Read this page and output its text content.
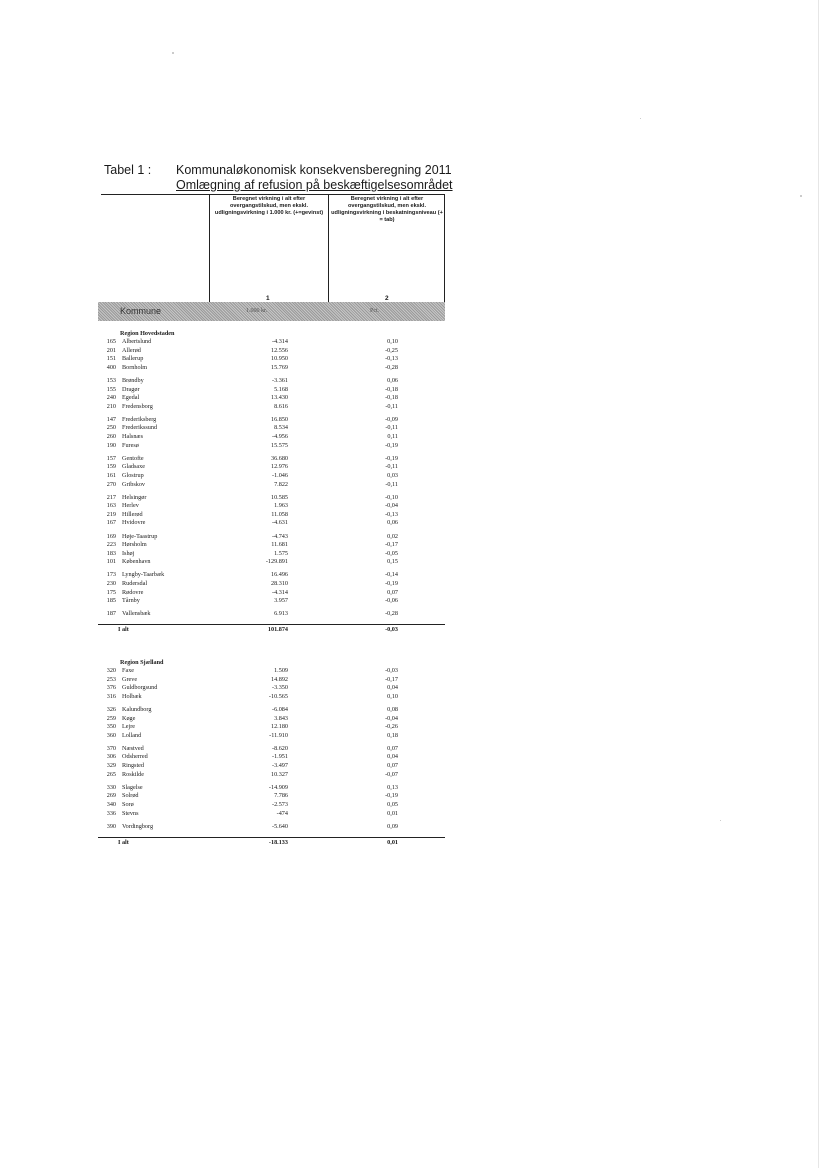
Tabel 1 : Kommunaløkonomisk konsekvensberegning 2011
Omlægning af refusion på beskæftigelsesområdet
Beregnet virkning i alt efter overgangstilskud, men ekskl. udligningsvirkning i 1.000 kr. (+=gevinst)
Beregnet virkning i alt efter overgangstilskud, men ekskl. udligningsvirkning i beskatningsniveau (+ = tab)
1	2
Kommune	1.000 kr.	Pct.
Region Hovedstaden
165 Albertslund	-4.314	0,10
201 Allerød	12.556	-0,25
151 Ballerup	10.950	-0,13
400 Bornholm	15.769	-0,28
153 Brøndby	-3.361	0,06
155 Dragør	5.168	-0,18
240 Egedal	13.430	-0,18
210 Fredensborg	8.616	-0,11
147 Frederiksberg	16.850	-0,09
250 Frederikssund	8.534	-0,11
260 Halsnæs	-4.956	0,11
190 Furesø	15.575	-0,19
157 Gentofte	36.680	-0,19
159 Gladsaxe	12.976	-0,11
161 Glostrup	-1.046	0,03
270 Gribskov	7.822	-0,11
217 Helsingør	10.585	-0,10
163 Herlev	1.963	-0,04
219 Hillerød	11.058	-0,13
167 Hvidovre	-4.631	0,06
169 Høje-Taastrup	-4.743	0,02
223 Hørsholm	11.681	-0,17
183 Ishøj	1.575	-0,05
101 København	-129.891	0,15
173 Lyngby-Taarbæk	16.496	-0,14
230 Rudersdal	28.310	-0,19
175 Rødovre	-4.314	0,07
185 Tårnby	3.957	-0,06
187 Vallensbæk	6.913	-0,28
I alt	101.874	-0,03
Region Sjælland
320 Faxe	1.509	-0,03
253 Greve	14.892	-0,17
376 Guldborgsund	-3.350	0,04
316 Holbæk	-10.565	0,10
326 Kalundborg	-6.084	0,08
259 Køge	3.843	-0,04
350 Lejre	12.180	-0,26
360 Lolland	-11.910	0,18
370 Næstved	-8.620	0,07
306 Odsherred	-1.951	0,04
329 Ringsted	-3.497	0,07
265 Roskilde	10.327	-0,07
330 Slagelse	-14.909	0,13
269 Solrød	7.786	-0,19
340 Sorø	-2.573	0,05
336 Stevns	-474	0,01
390 Vordingborg	-5.640	0,09
I alt	-18.133	0,01
